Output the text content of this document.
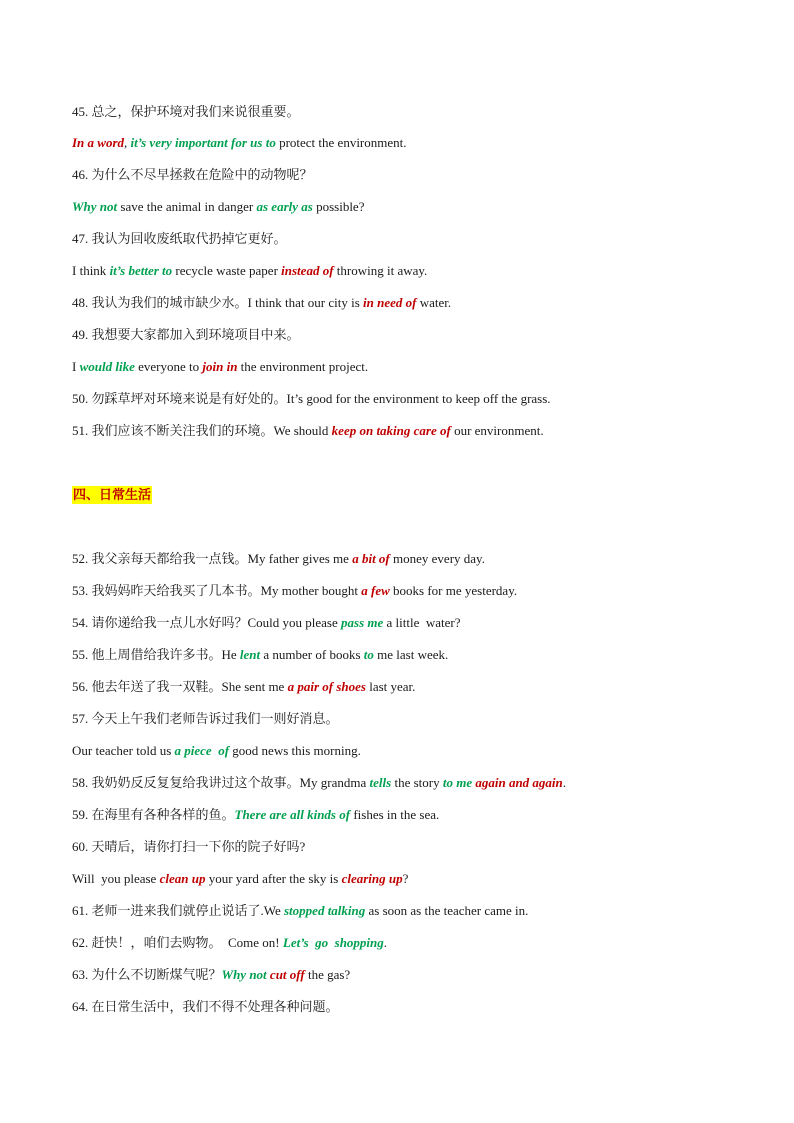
四、日常生活
45. 总之，保护环境对我们来说很重要。
In a word, it’s very important for us to protect the environment.
46. 为什么不尽早拯救在危险中的动物呢？
Why not save the animal in danger as early as possible?
47. 我认为回收废纸取代扔掉它更好。
I think it’s better to recycle waste paper instead of throwing it away.
48. 我认为我们的城市缺少水。I think that our city is in need of water.
49. 我想要大家都加入到环境项目中来。
I would like everyone to join in the environment project.
50. 勿踩草坪对环境来说是有好处的。It’s good for the environment to keep off the grass.
51. 我们应该不断关注我们的环境。We should keep on taking care of our environment.
52. 我父亲每天都给我一点钱。My father gives me a bit of money every day.
53. 我妈妈昨天给我买了几本书。My mother bought a few books for me yesterday.
54. 请你递给我一点儿水好吗？Could you please pass me a little  water?
55. 他上周借给我许多书。He lent a number of books to me last week.
56. 他去年送了我一双鞋。She sent me a pair of shoes last year.
57. 今天上午我们老师告诉过我们一则好消息。
Our teacher told us a piece  of good news this morning.
58. 我奶奶反反复复给我讲过这个故事。My grandma tells the story to me again and again.
59. 在海里有各种各样的鱼。There are all kinds of fishes in the sea.
60. 天晴后，请你打扫一下你的院子好吗?
Will  you please clean up your yard after the sky is clearing up?
61. 老师一进来我们就停止说话了.We stopped talking as soon as the teacher came in.
62. 赶快！，咱们去购物。  Come on! Let’s  go  shopping.
63. 为什么不切断煤气呢？Why not cut off the gas?
64. 在日常生活中，我们不得不处理各种问题。
